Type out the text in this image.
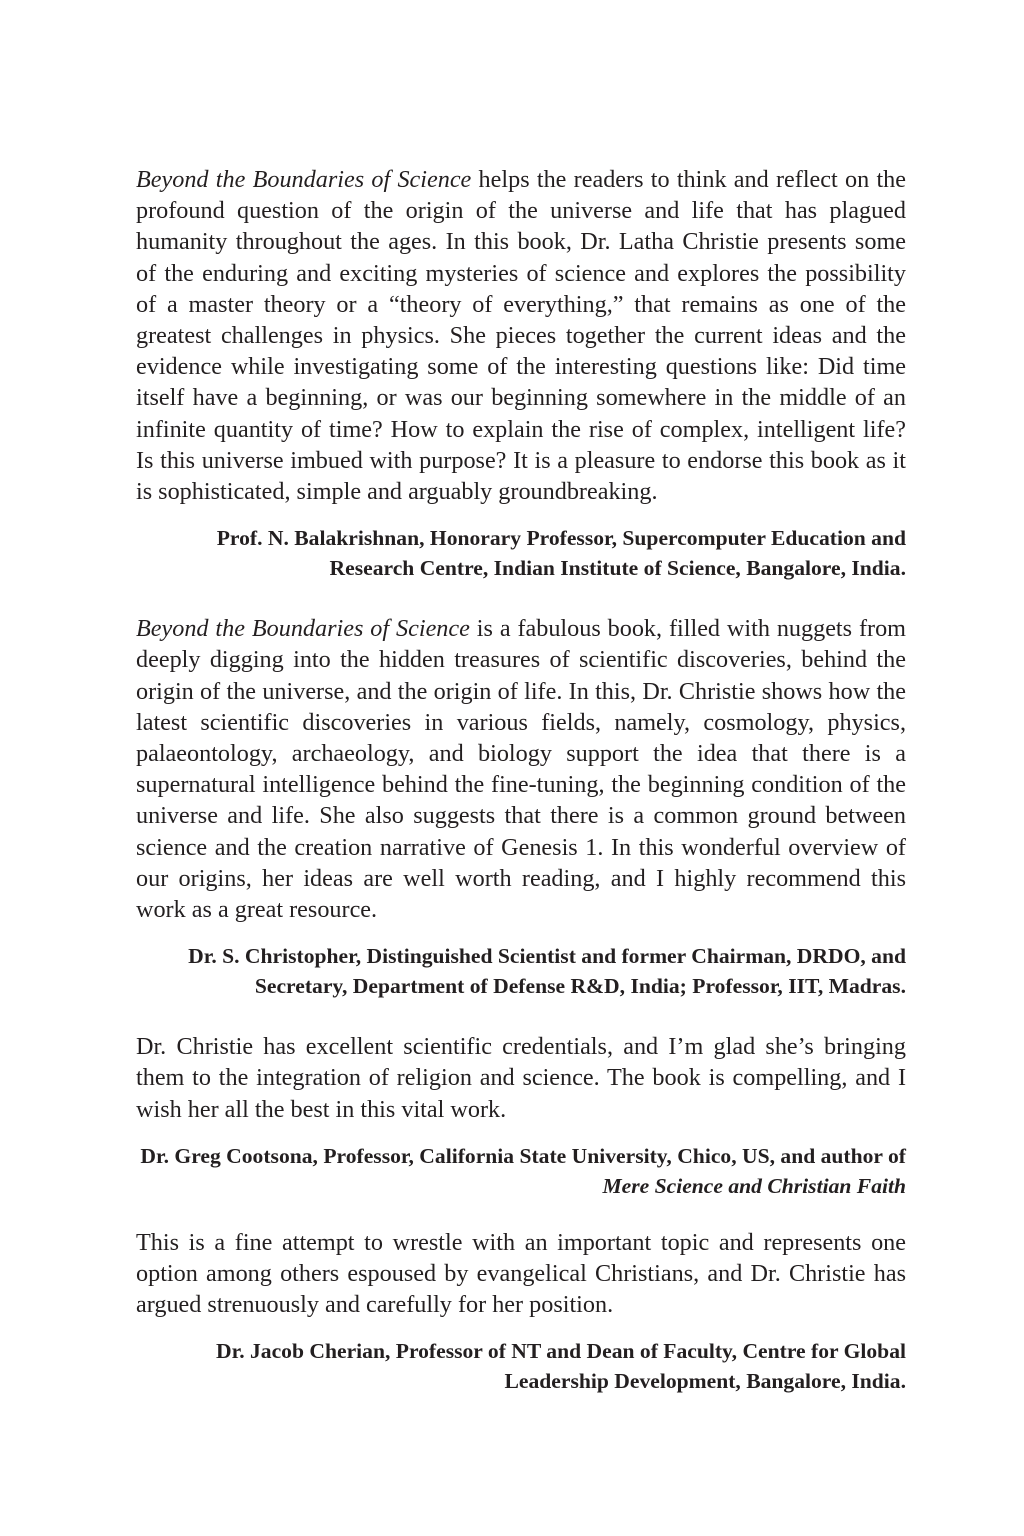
Beyond the Boundaries of Science helps the readers to think and reflect on the profound question of the origin of the universe and life that has plagued humanity throughout the ages. In this book, Dr. Latha Christie presents some of the enduring and exciting mysteries of science and explores the possibility of a master theory or a “theory of everything,” that remains as one of the greatest challenges in physics. She pieces together the current ideas and the evidence while investigating some of the interesting questions like: Did time itself have a beginning, or was our beginning somewhere in the middle of an infinite quantity of time? How to explain the rise of complex, intelligent life? Is this universe imbued with purpose? It is a pleasure to endorse this book as it is sophisticated, simple and arguably groundbreaking.

Prof. N. Balakrishnan, Honorary Professor, Supercomputer Education and Research Centre, Indian Institute of Science, Bangalore, India.

Beyond the Boundaries of Science is a fabulous book, filled with nuggets from deeply digging into the hidden treasures of scientific discoveries, behind the origin of the universe, and the origin of life. In this, Dr. Christie shows how the latest scientific discoveries in various fields, namely, cosmology, physics, palaeontology, archaeology, and biology support the idea that there is a supernatural intelligence behind the fine-tuning, the beginning condition of the universe and life. She also suggests that there is a common ground between science and the creation narrative of Genesis 1. In this wonderful overview of our origins, her ideas are well worth reading, and I highly recommend this work as a great resource.

Dr. S. Christopher, Distinguished Scientist and former Chairman, DRDO, and Secretary, Department of Defense R&D, India; Professor, IIT, Madras.

Dr. Christie has excellent scientific credentials, and I’m glad she’s bringing them to the integration of religion and science. The book is compelling, and I wish her all the best in this vital work.

Dr. Greg Cootsona, Professor, California State University, Chico, US, and author of Mere Science and Christian Faith

This is a fine attempt to wrestle with an important topic and represents one option among others espoused by evangelical Christians, and Dr. Christie has argued strenuously and carefully for her position.

Dr. Jacob Cherian, Professor of NT and Dean of Faculty, Centre for Global Leadership Development, Bangalore, India.
